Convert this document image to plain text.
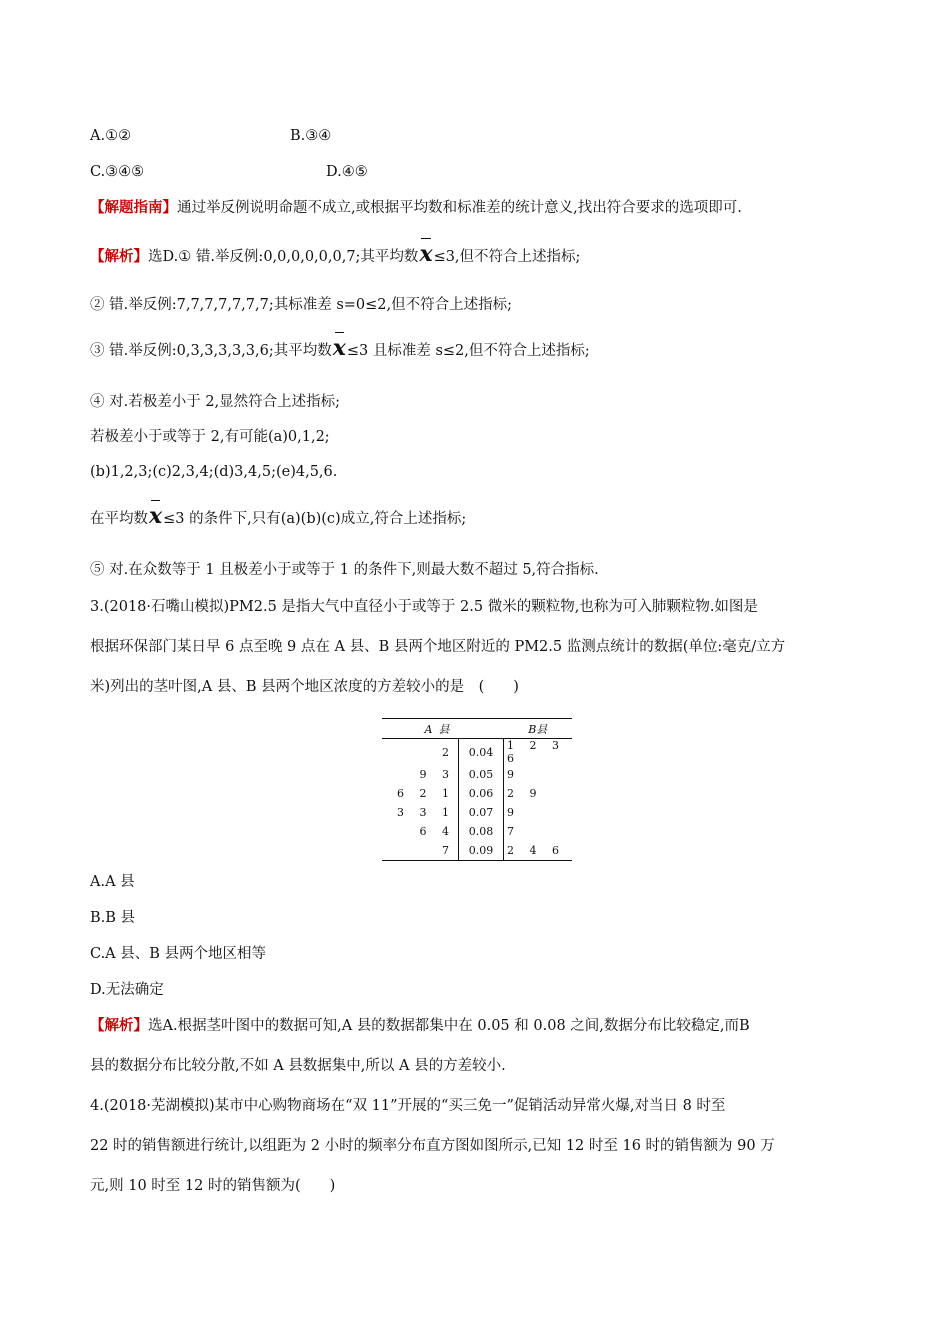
A.①②	B.③④
C.③④⑤	D.④⑤
【解题指南】通过举反例说明命题不成立,或根据平均数和标准差的统计意义,找出符合要求的选项即可.
【解析】选D.① 错.举反例:0,0,0,0,0,0,7;其平均数x≤3,但不符合上述指标;
② 错.举反例:7,7,7,7,7,7,7;其标准差 s=0≤2,但不符合上述指标;
③ 错.举反例:0,3,3,3,3,3,6;其平均数x≤3 且标准差 s≤2,但不符合上述指标;
④ 对.若极差小于 2,显然符合上述指标;
若极差小于或等于 2,有可能(a)0,1,2;
(b)1,2,3;(c)2,3,4;(d)3,4,5;(e)4,5,6.
在平均数x≤3 的条件下,只有(a)(b)(c)成立,符合上述指标;
⑤ 对.在众数等于 1 且极差小于或等于 1 的条件下,则最大数不超过 5,符合指标.
3.(2018·石嘴山模拟)PM2.5 是指大气中直径小于或等于 2.5 微米的颗粒物,也称为可入肺颗粒物.如图是
根据环保部门某日早 6 点至晚 9 点在 A 县、B 县两个地区附近的 PM2.5 监测点统计的数据(单位:毫克/立方
米)列出的茎叶图,A 县、B 县两个地区浓度的方差较小的是　(　　)
A县		B县
2	0.04	1 2 3 6
9 3	0.05	9
6 2 1	0.06	2 9
3 3 1	0.07	9
6 4	0.08	7
7	0.09	2 4 6
A.A 县
B.B 县
C.A 县、B 县两个地区相等
D.无法确定
【解析】选A.根据茎叶图中的数据可知,A 县的数据都集中在 0.05 和 0.08 之间,数据分布比较稳定,而B
县的数据分布比较分散,不如 A 县数据集中,所以 A 县的方差较小.
4.(2018·芜湖模拟)某市中心购物商场在“双 11”开展的“买三免一”促销活动异常火爆,对当日 8 时至
22 时的销售额进行统计,以组距为 2 小时的频率分布直方图如图所示,已知 12 时至 16 时的销售额为 90 万
元,则 10 时至 12 时的销售额为(　　)
